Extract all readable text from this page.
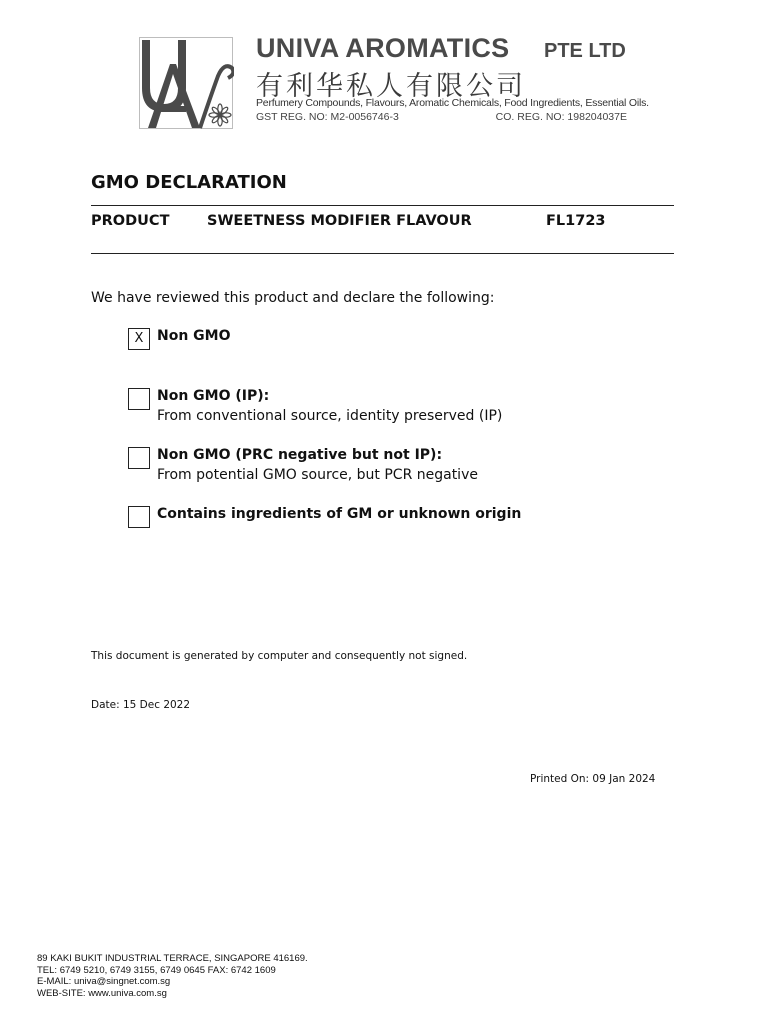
UNIVA AROMATICS PTE LTD
有利华私人有限公司
Perfumery Compounds, Flavours, Aromatic Chemicals, Food Ingredients, Essential Oils.
GST REG. NO: M2-0056746-3	CO. REG. NO: 198204037E
GMO DECLARATION
PRODUCT	SWEETNESS MODIFIER FLAVOUR	FL1723
We have reviewed this product and declare the following:
X Non GMO
Non GMO (IP):
From conventional source, identity preserved (IP)
Non GMO (PRC negative but not IP):
From potential GMO source, but PCR negative
Contains ingredients of GM or unknown origin
This document is generated by computer and consequently not signed.
Date: 15 Dec 2022
Printed On: 09 Jan 2024
89 KAKI BUKIT INDUSTRIAL TERRACE, SINGAPORE 416169.
TEL: 6749 5210, 6749 3155, 6749 0645 FAX: 6742 1609
E-MAIL: univa@singnet.com.sg
WEB-SITE: www.univa.com.sg
